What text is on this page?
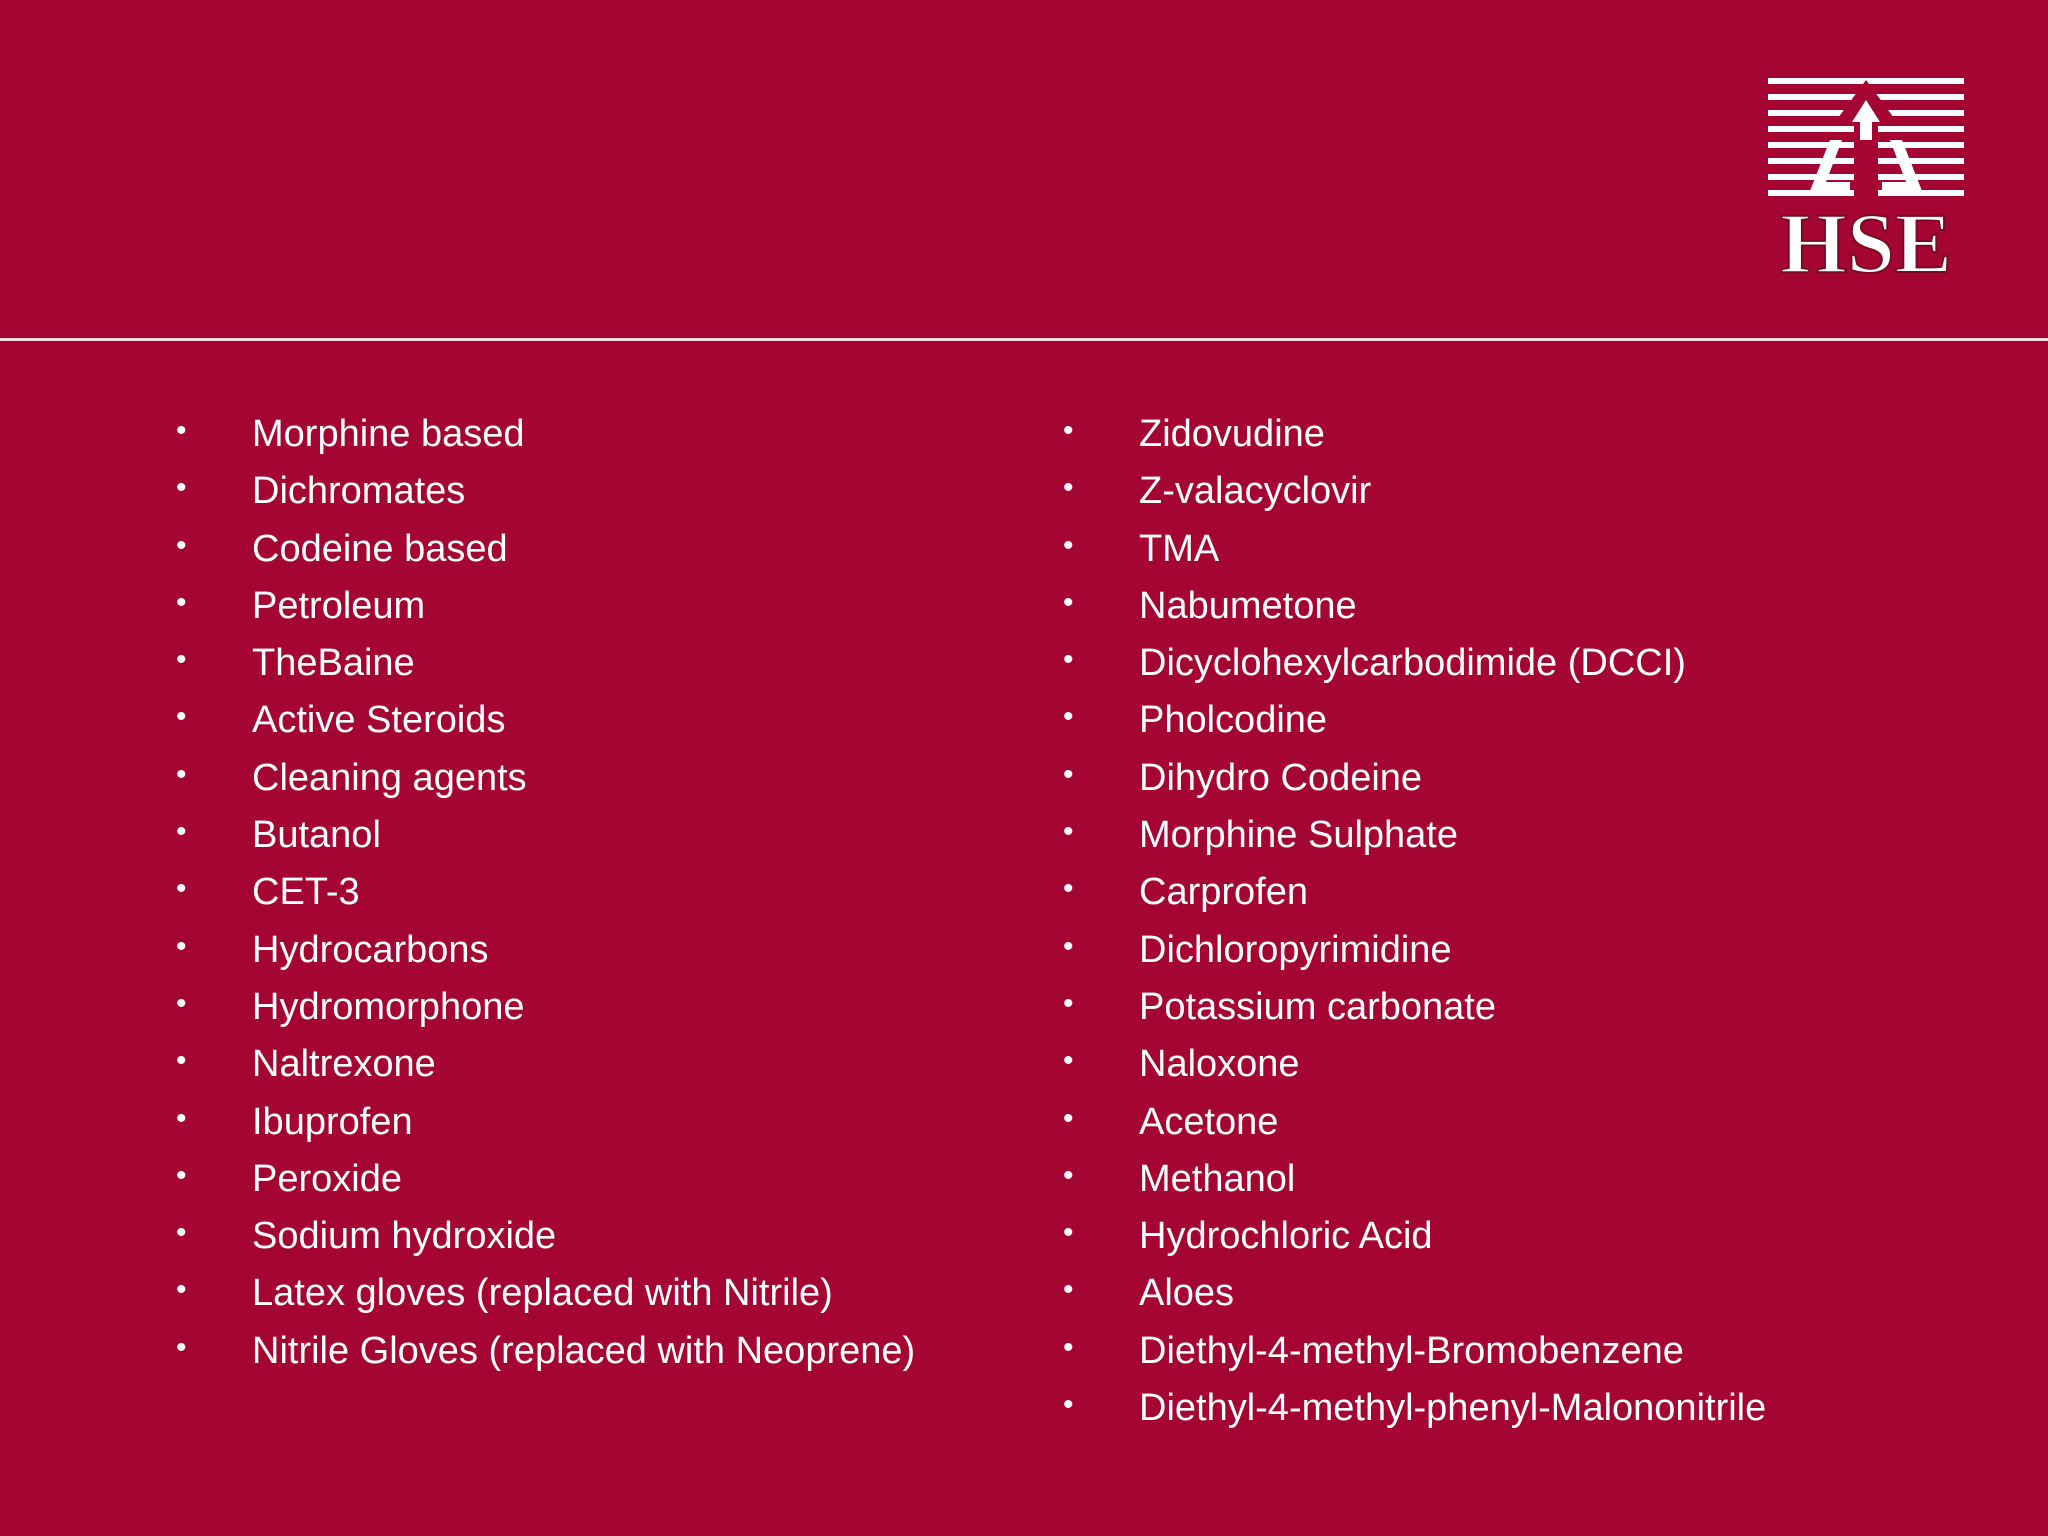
HSE
• Morphine based
• Dichromates
• Codeine based
• Petroleum
• TheBaine
• Active Steroids
• Cleaning agents
• Butanol
• CET-3
• Hydrocarbons
• Hydromorphone
• Naltrexone
• Ibuprofen
• Peroxide
• Sodium hydroxide
• Latex gloves (replaced with Nitrile)
• Nitrile Gloves (replaced with Neoprene)
• Zidovudine
• Z-valacyclovir
• TMA
• Nabumetone
• Dicyclohexylcarbodimide (DCCI)
• Pholcodine
• Dihydro Codeine
• Morphine Sulphate
• Carprofen
• Dichloropyrimidine
• Potassium carbonate
• Naloxone
• Acetone
• Methanol
• Hydrochloric Acid
• Aloes
• Diethyl-4-methyl-Bromobenzene
• Diethyl-4-methyl-phenyl-Malononitrile
